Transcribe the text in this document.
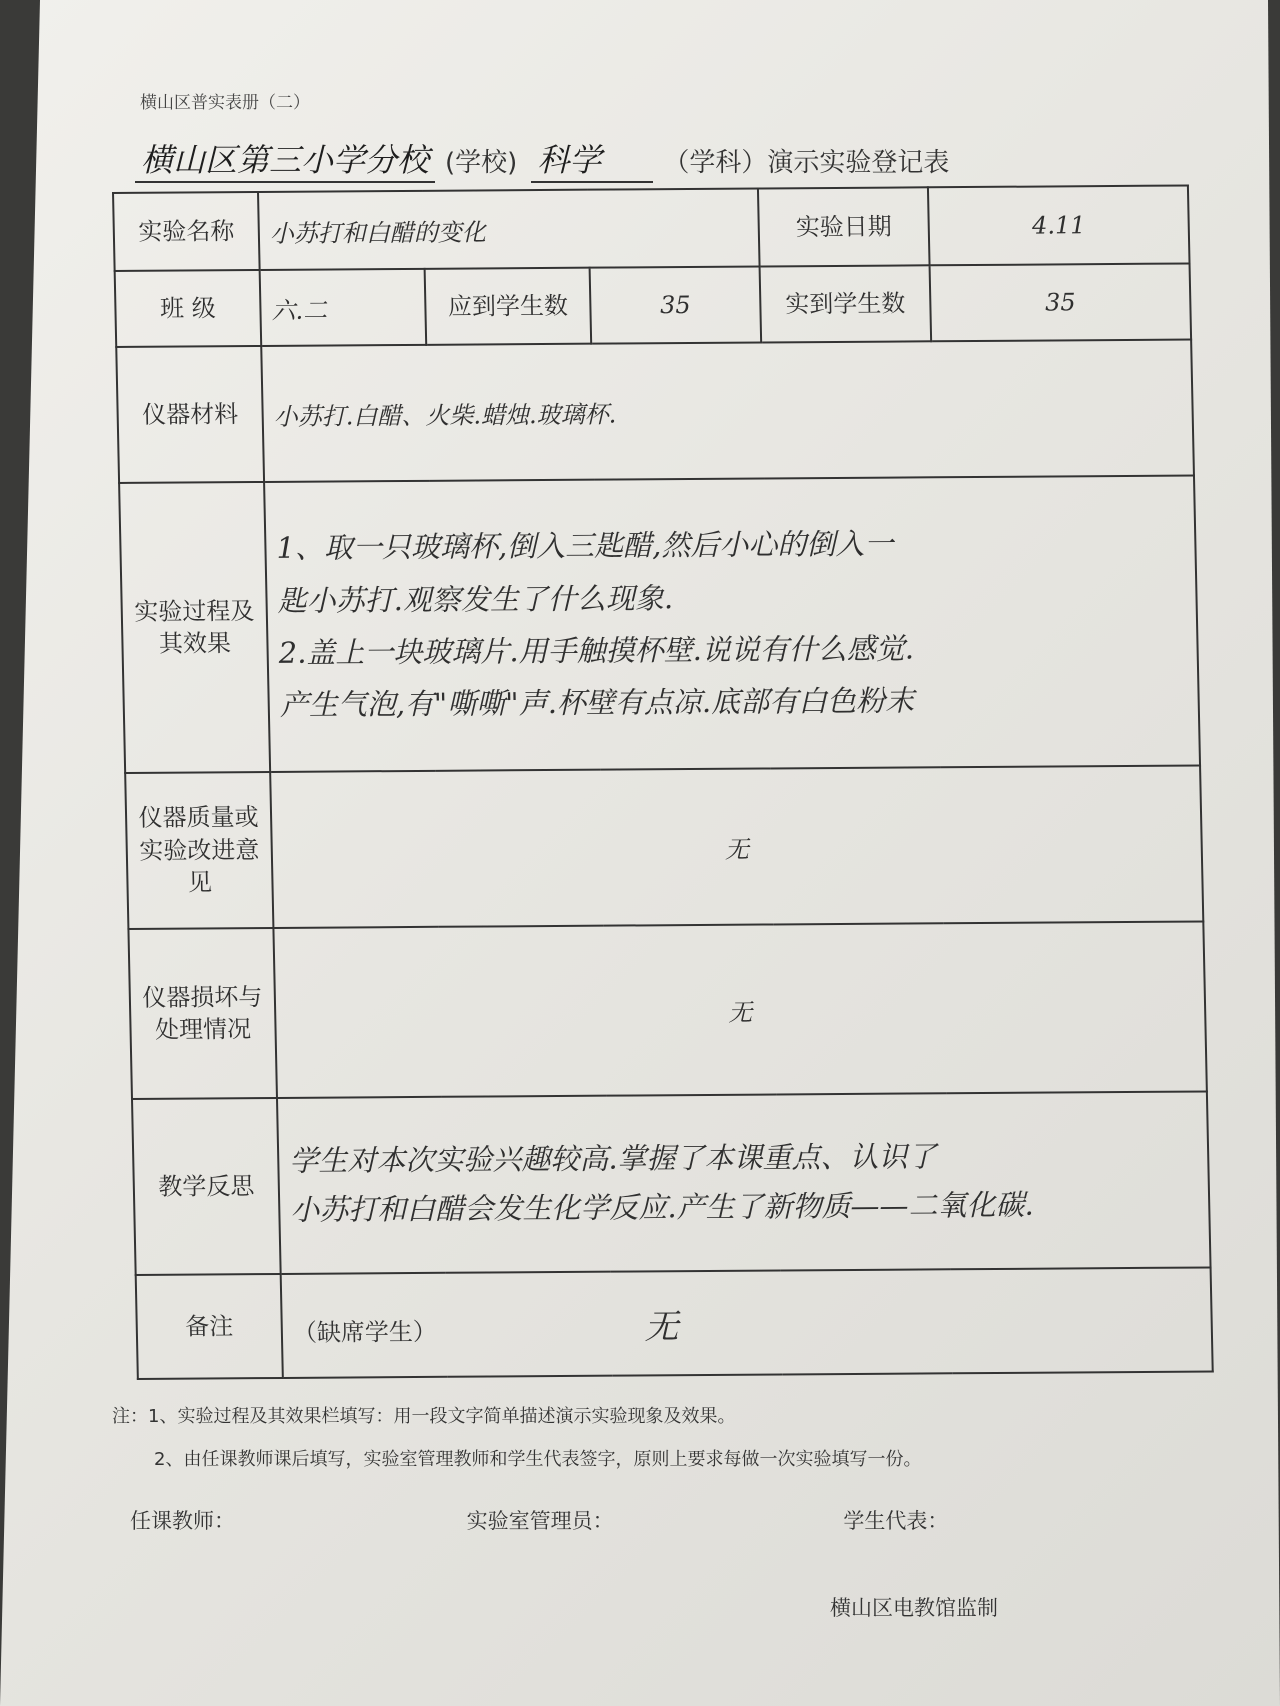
横山区普实表册（二）
横山区第三小学分校 (学校) 科学	（学科）演示实验登记表
实验名称	小苏打和白醋的变化			实验日期	4.11
班 级	六.二	应到学生数	35	实到学生数	35
仪器材料	小苏打.白醋、火柴.蜡烛.玻璃杯.				
实验过程及其效果	1、取一只玻璃杯,倒入三匙醋,然后小心的倒入一

匙小苏打.观察发生了什么现象.

2.盖上一块玻璃片.用手触摸杯壁.说说有什么感觉.

产生气泡,有"嘶嘶"声.杯壁有点凉.底部有白色粉末				

仪器质量或实验改进意见	无				
仪器损坏与处理情况	无				
教学反思	学生对本次实验兴趣较高.掌握了本课重点、认识了

小苏打和白醋会发生化学反应.产生了新物质——二氧化碳.				

备注	（缺席学生） 无				
注：1、实验过程及其效果栏填写：用一段文字简单描述演示实验现象及效果。
2、由任课教师课后填写，实验室管理教师和学生代表签字，原则上要求每做一次实验填写一份。
任课教师：	实验室管理员：	学生代表：
横山区电教馆监制
